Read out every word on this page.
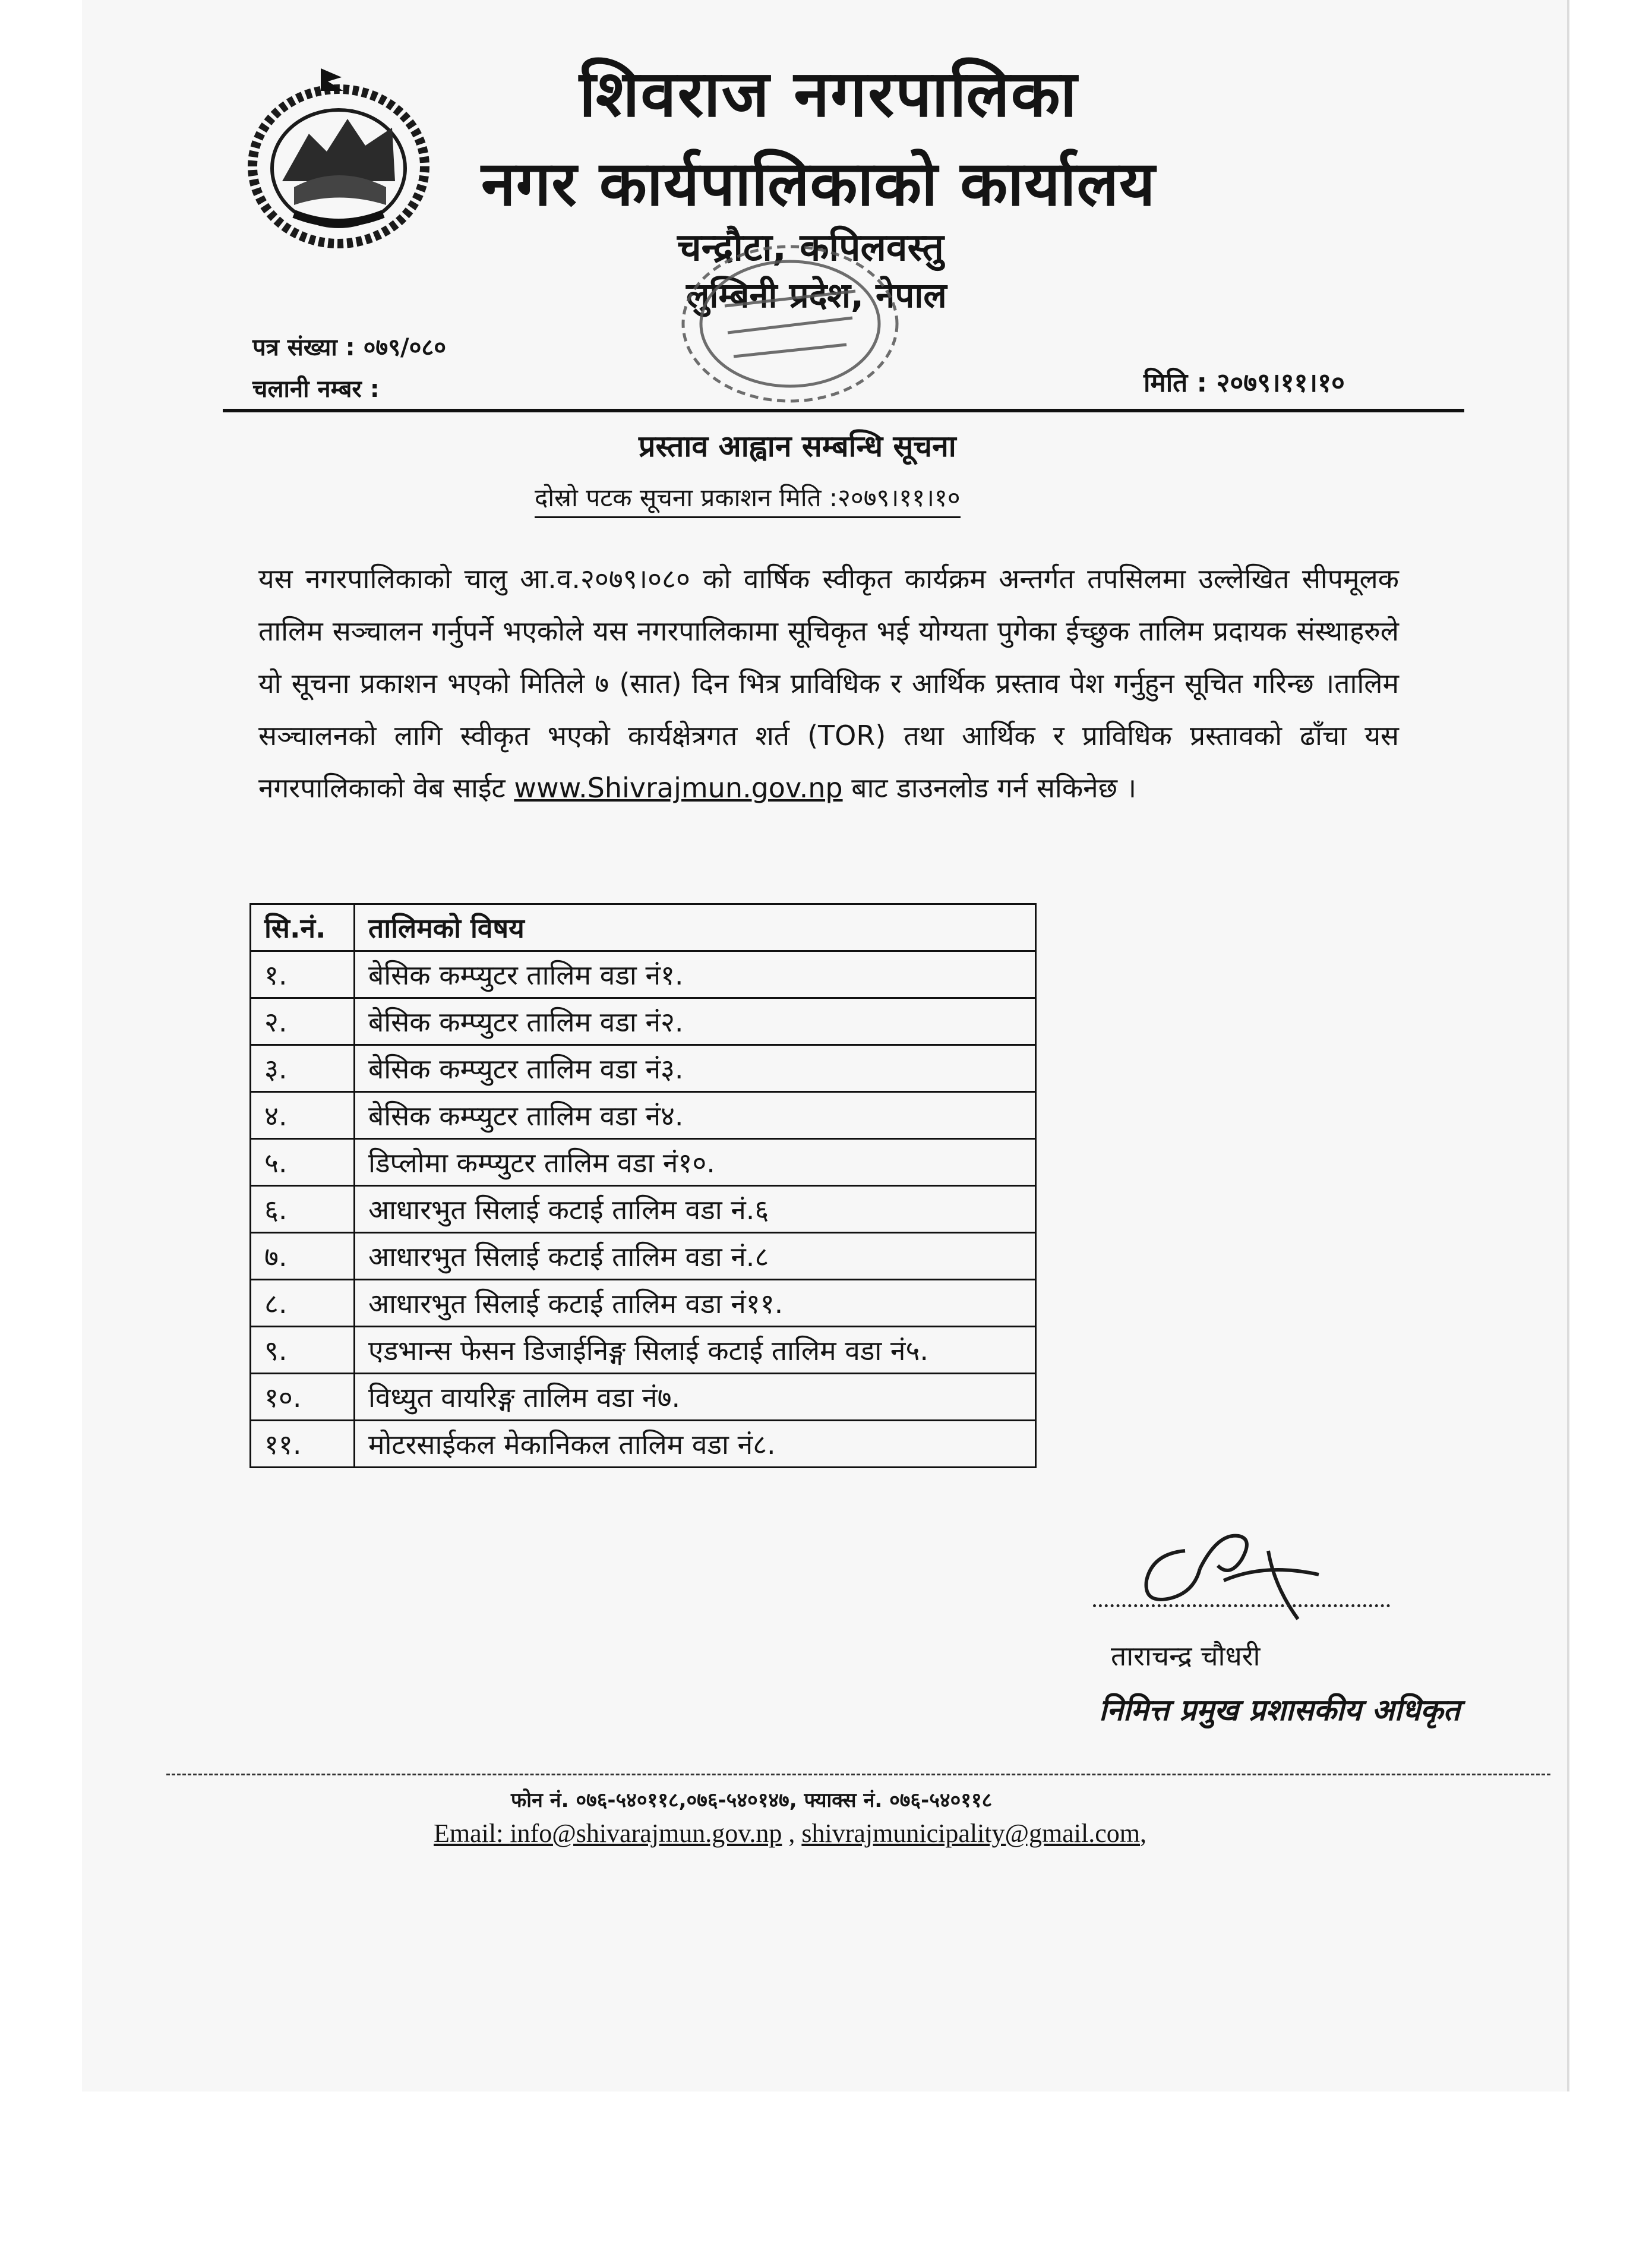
शिवराज नगरपालिका
नगर कार्यपालिकाको कार्यालय
चन्द्रौटा, कपिलवस्तु
लुम्बिनी प्रदेश, नेपाल
पत्र संख्या : ०७९/०८०
चलानी नम्बर :	मिति : २०७९।११।१०
प्रस्ताव आह्वान सम्बन्धि सूचना
दोस्रो पटक सूचना प्रकाशन मिति :२०७९।११।१०
यस नगरपालिकाको चालु आ.व.२०७९।०८० को वार्षिक स्वीकृत कार्यक्रम अन्तर्गत तपसिलमा उल्लेखित सीपमूलक तालिम सञ्चालन गर्नुपर्ने भएकोले यस नगरपालिकामा सूचिकृत भई योग्यता पुगेका ईच्छुक तालिम प्रदायक संस्थाहरुले यो सूचना प्रकाशन भएको मितिले ७ (सात) दिन भित्र प्राविधिक र आर्थिक प्रस्ताव पेश गर्नुहुन सूचित गरिन्छ ।तालिम सञ्चालनको लागि स्वीकृत भएको कार्यक्षेत्रगत शर्त (TOR) तथा आर्थिक र प्राविधिक प्रस्तावको ढाँचा यस नगरपालिकाको वेब साईट www.Shivrajmun.gov.np बाट डाउनलोड गर्न सकिनेछ ।
सि.नं.	तालिमको विषय
१.	बेसिक कम्प्युटर तालिम वडा नं१.
२.	बेसिक कम्प्युटर तालिम वडा नं२.
३.	बेसिक कम्प्युटर तालिम वडा नं३.
४.	बेसिक कम्प्युटर तालिम वडा नं४.
५.	डिप्लोमा कम्प्युटर तालिम वडा नं१०.
६.	आधारभुत सिलाई कटाई तालिम वडा नं.६
७.	आधारभुत सिलाई कटाई तालिम वडा नं.८
८.	आधारभुत सिलाई कटाई तालिम वडा नं११.
९.	एडभान्स फेसन डिजाईनिङ्ग सिलाई कटाई तालिम वडा नं५.
१०.	विध्युत वायरिङ्ग तालिम वडा नं७.
११.	मोटरसाईकल मेकानिकल तालिम वडा नं८.
ताराचन्द्र चौधरी
निमित्त प्रमुख प्रशासकीय अधिकृत
फोन नं. ०७६-५४०११८,०७६-५४०१४७, फ्याक्स नं. ०७६-५४०११८
Email: info@shivarajmun.gov.np , shivrajmunicipality@gmail.com,
